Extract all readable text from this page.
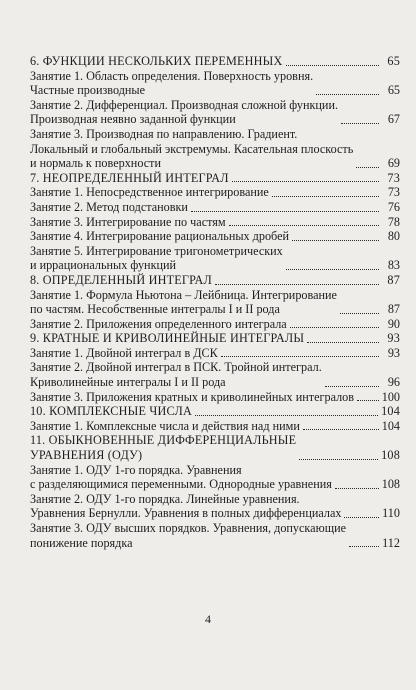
6. ФУНКЦИИ НЕСКОЛЬКИХ ПЕРЕМЕННЫХ	65
Занятие 1. Область определения. Поверхность уровня.
Частные производные	65
Занятие 2. Дифференциал. Производная сложной функции.
Производная неявно заданной функции	67
Занятие 3. Производная по направлению. Градиент.
Локальный и глобальный экстремумы. Касательная плоскость
и нормаль к поверхности	69
7. НЕОПРЕДЕЛЕННЫЙ ИНТЕГРАЛ	73
Занятие 1. Непосредственное интегрирование	73
Занятие 2. Метод подстановки	76
Занятие 3. Интегрирование по частям	78
Занятие 4. Интегрирование рациональных дробей	80
Занятие 5. Интегрирование тригонометрических
и иррациональных функций	83
8. ОПРЕДЕЛЕННЫЙ ИНТЕГРАЛ	87
Занятие 1. Формула Ньютона – Лейбница. Интегрирование
по частям. Несобственные интегралы I и II рода	87
Занятие 2. Приложения определенного интеграла	90
9. КРАТНЫЕ И КРИВОЛИНЕЙНЫЕ ИНТЕГРАЛЫ	93
Занятие 1. Двойной интеграл в ДСК	93
Занятие 2. Двойной интеграл в ПСК. Тройной интеграл.
Криволинейные интегралы I и II рода	96
Занятие 3. Приложения кратных и криволинейных интегралов 100
10. КОМПЛЕКСНЫЕ ЧИСЛА	104
Занятие 1. Комплексные числа и действия над ними	104
11. ОБЫКНОВЕННЫЕ ДИФФЕРЕНЦИАЛЬНЫЕ
УРАВНЕНИЯ (ОДУ)	108
Занятие 1. ОДУ 1-го порядка. Уравнения
с разделяющимися переменными. Однородные уравнения	108
Занятие 2. ОДУ 1-го порядка. Линейные уравнения.
Уравнения Бернулли. Уравнения в полных дифференциалах	110
Занятие 3. ОДУ высших порядков. Уравнения, допускающие
понижение порядка	112
4
